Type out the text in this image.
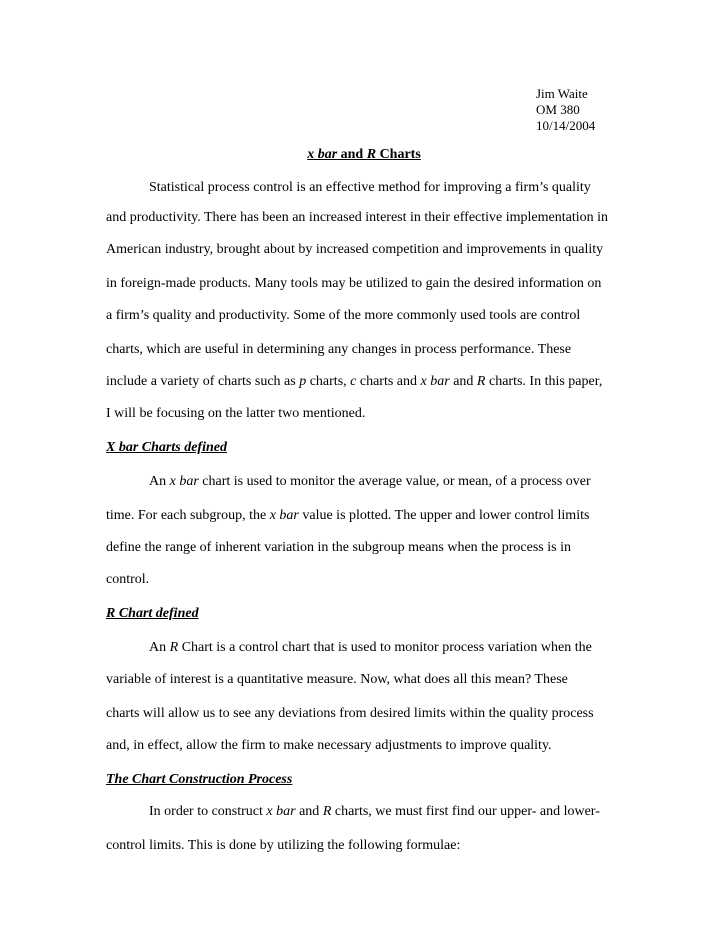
Jim Waite
OM 380
10/14/2004
x bar and R Charts
Statistical process control is an effective method for improving a firm’s quality
and productivity. There has been an increased interest in their effective implementation in
American industry, brought about by increased competition and improvements in quality
in foreign-made products. Many tools may be utilized to gain the desired information on
a firm’s quality and productivity. Some of the more commonly used tools are control
charts, which are useful in determining any changes in process performance. These
include a variety of charts such as p charts, c charts and x bar and R charts. In this paper,
I will be focusing on the latter two mentioned.
X bar Charts defined
An x bar chart is used to monitor the average value, or mean, of a process over
time. For each subgroup, the x bar value is plotted. The upper and lower control limits
define the range of inherent variation in the subgroup means when the process is in
control.
R Chart defined
An R Chart is a control chart that is used to monitor process variation when the
variable of interest is a quantitative measure. Now, what does all this mean? These
charts will allow us to see any deviations from desired limits within the quality process
and, in effect, allow the firm to make necessary adjustments to improve quality.
The Chart Construction Process
In order to construct x bar and R charts, we must first find our upper- and lower-
control limits. This is done by utilizing the following formulae:
